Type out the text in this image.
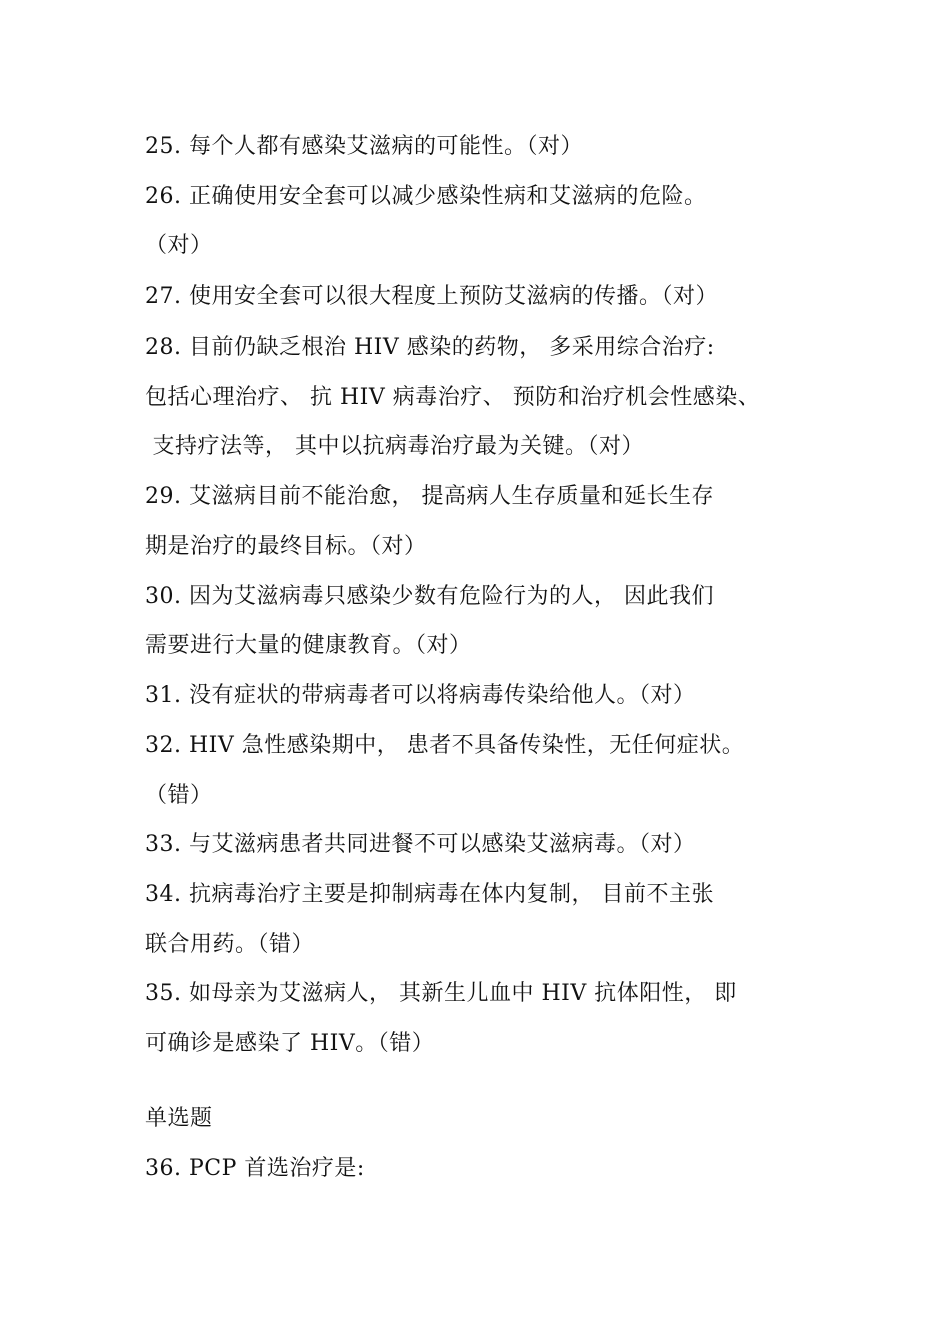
25. 每个人都有感染艾滋病的可能性。（对）
26. 正确使用安全套可以减少感染性病和艾滋病的危险。
（对）
27. 使用安全套可以很大程度上预防艾滋病的传播。（对）
28. 目前仍缺乏根治 HIV 感染的药物， 多采用综合治疗:
包括心理治疗、 抗 HIV 病毒治疗、 预防和治疗机会性感染、
支持疗法等， 其中以抗病毒治疗最为关键。（对）
29. 艾滋病目前不能治愈， 提高病人生存质量和延长生存
期是治疗的最终目标。（对）
30. 因为艾滋病毒只感染少数有危险行为的人， 因此我们
需要进行大量的健康教育。（对）
31. 没有症状的带病毒者可以将病毒传染给他人。（对）
32. HIV 急性感染期中， 患者不具备传染性，无任何症状。
（错）
33. 与艾滋病患者共同进餐不可以感染艾滋病毒。（对）
34. 抗病毒治疗主要是抑制病毒在体内复制， 目前不主张
联合用药。（错）
35. 如母亲为艾滋病人， 其新生儿血中 HIV 抗体阳性， 即
可确诊是感染了 HIV。（错）
单选题
36. PCP 首选治疗是:
